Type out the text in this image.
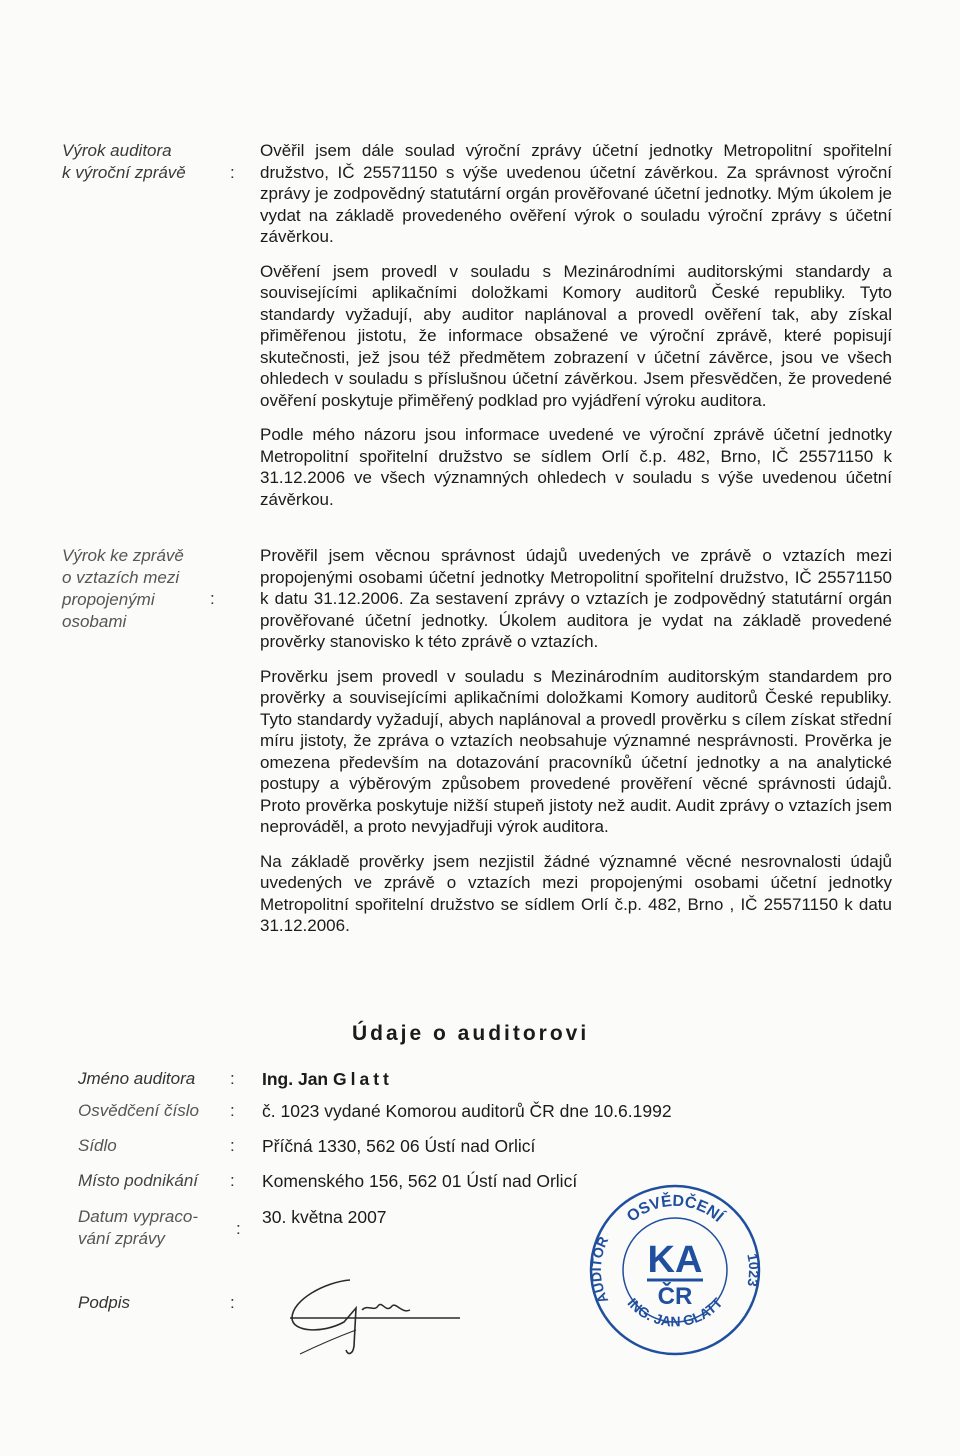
Výrok auditora
k výroční zprávě	:

Ověřil jsem dále soulad výroční zprávy účetní jednotky Metropolitní spořitelní družstvo, IČ 25571150 s výše uvedenou účetní závěrkou. Za správnost výroční zprávy je zodpovědný statutární orgán prověřované účetní jednotky. Mým úkolem je vydat na základě provedeného ověření výrok o souladu výroční zprávy s účetní závěrkou.

Ověření jsem provedl v souladu s Mezinárodními auditorskými standardy a souvisejícími aplikačními doložkami Komory auditorů České republiky. Tyto standardy vyžadují, aby auditor naplánoval a provedl ověření tak, aby získal přiměřenou jistotu, že informace obsažené ve výroční zprávě, které popisují skutečnosti, jež jsou též předmětem zobrazení v účetní závěrce, jsou ve všech ohledech v souladu s příslušnou účetní závěrkou. Jsem přesvědčen, že provedené ověření poskytuje přiměřený podklad pro vyjádření výroku auditora.

Podle mého názoru jsou informace uvedené ve výroční zprávě účetní jednotky Metropolitní spořitelní družstvo se sídlem Orlí č.p. 482, Brno, IČ 25571150 k 31.12.2006 ve všech významných ohledech v souladu s výše uvedenou účetní závěrkou.

Výrok ke zprávě
o vztazích mezi
propojenými
osobami
:

Prověřil jsem věcnou správnost údajů uvedených ve zprávě o vztazích mezi propojenými osobami účetní jednotky Metropolitní spořitelní družstvo, IČ 25571150 k datu 31.12.2006. Za sestavení zprávy o vztazích je zodpovědný statutární orgán prověřované účetní jednotky. Úkolem auditora je vydat na základě provedené prověrky stanovisko k této zprávě o vztazích.

Prověrku jsem provedl v souladu s Mezinárodním auditorským standardem pro prověrky a souvisejícími aplikačními doložkami Komory auditorů České republiky. Tyto standardy vyžadují, abych naplánoval a provedl prověrku s cílem získat střední míru jistoty, že zpráva o vztazích neobsahuje významné nesprávnosti. Prověrka je omezena především na dotazování pracovníků účetní jednotky a na analytické postupy a výběrovým způsobem provedené prověření věcné správnosti údajů. Proto prověrka poskytuje nižší stupeň jistoty než audit. Audit zprávy o vztazích jsem neprováděl, a proto nevyjadřuji výrok auditora.

Na základě prověrky jsem nezjistil žádné významné věcné nesrovnalosti údajů uvedených ve zprávě o vztazích mezi propojenými osobami účetní jednotky Metropolitní spořitelní družstvo se sídlem Orlí č.p. 482, Brno , IČ 25571150 k datu 31.12.2006.

Údaje o auditorovi
Jméno auditora	: Ing. Jan Glatt
Osvědčení číslo	: č. 1023 vydané Komorou auditorů ČR dne 10.6.1992
Sídlo	: Příčná 1330, 562 06 Ústí nad Orlicí
Místo podnikání	: Komenského 156, 562 01 Ústí nad Orlicí
Datum vypraco-
vání zprávy
:
30. května 2007
Podpis	:
OSVĚDČENÍ
AUDITOR
1023
ING. JAN GLATT
KA
ČR
